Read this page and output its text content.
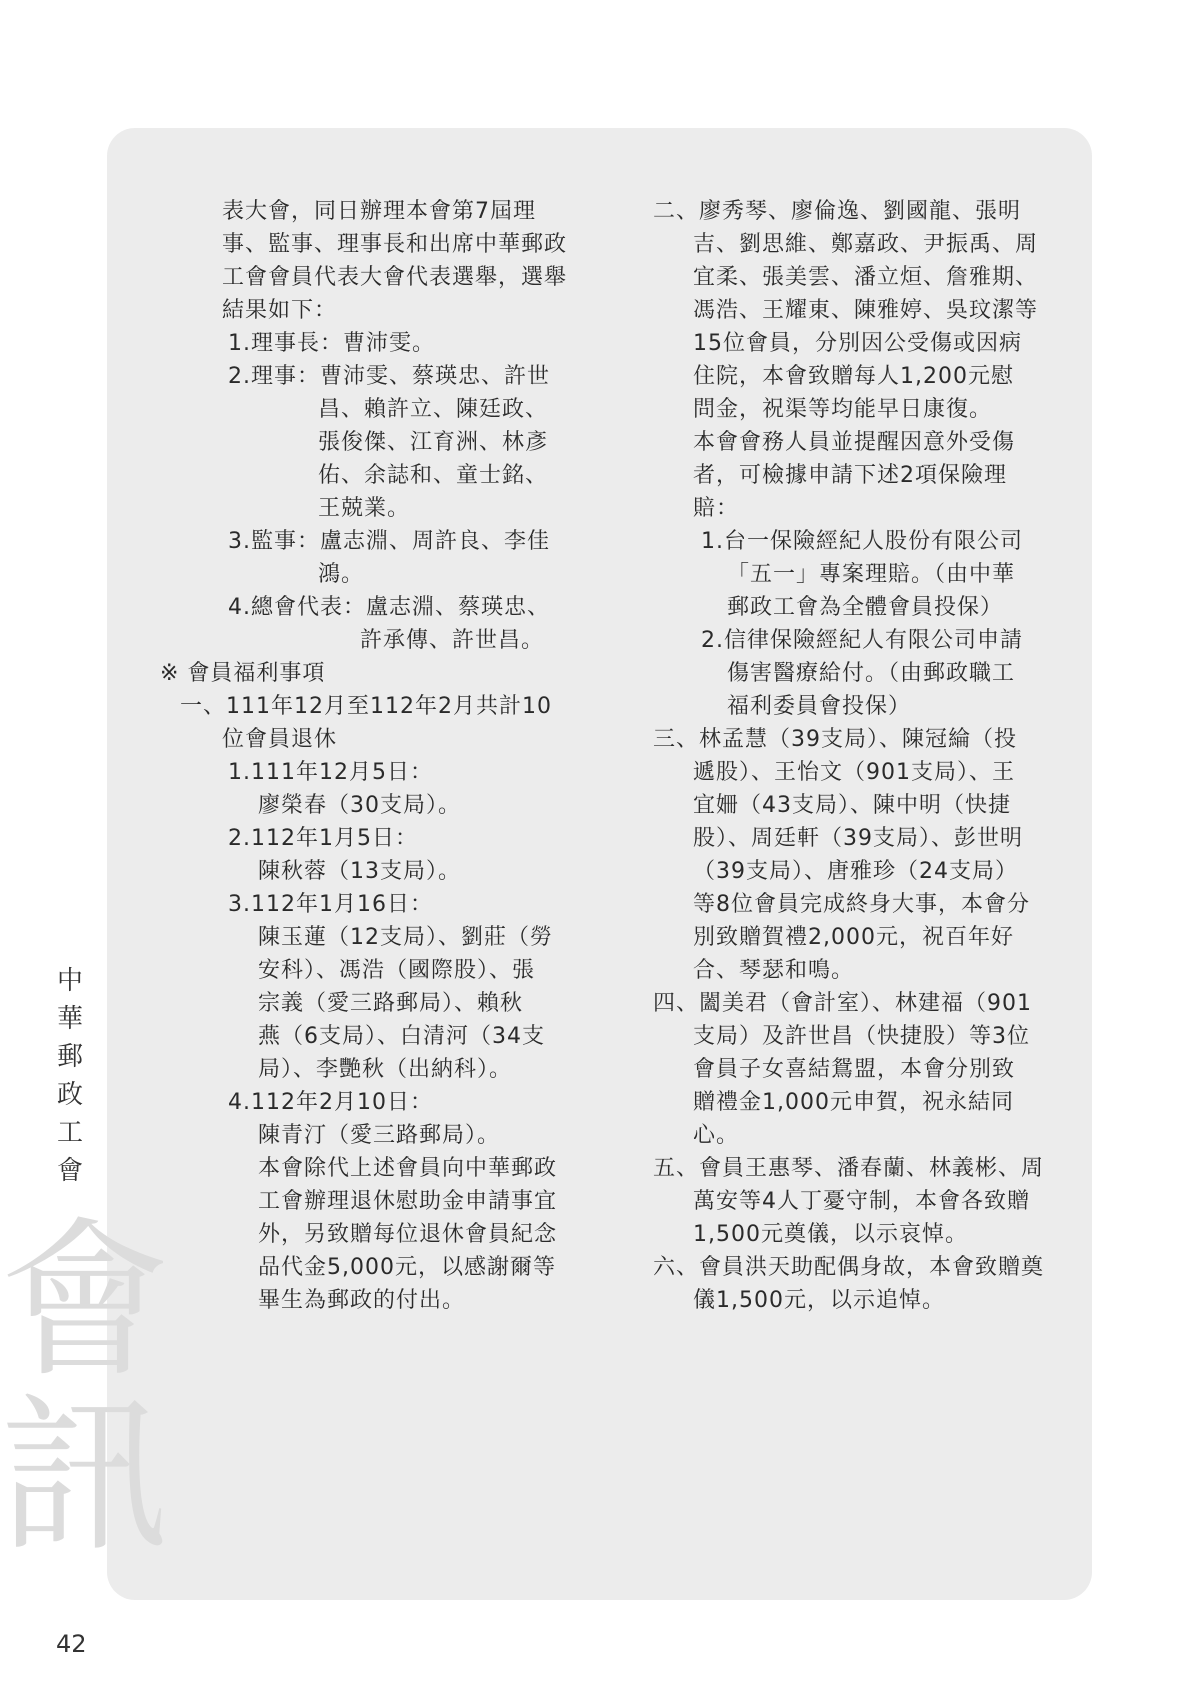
會
訊
中
華
郵
政
工
會
表大會，同日辦理本會第7屆理
事、監事、理事長和出席中華郵政
工會會員代表大會代表選舉，選舉
結果如下：
1.理事長：曹沛雯。
2.理事：曹沛雯、蔡瑛忠、許世
昌、賴許立、陳廷政、
張俊傑、江育洲、林彥
佑、余誌和、童士銘、
王兢業。
3.監事：盧志淵、周許良、李佳
鴻。
4.總會代表：盧志淵、蔡瑛忠、
許承傳、許世昌。
※ 會員福利事項
一、111年12月至112年2月共計10
位會員退休
1.111年12月5日：
廖榮春（30支局）。
2.112年1月5日：
陳秋蓉（13支局）。
3.112年1月16日：
陳玉蓮（12支局）、劉莊（勞
安科）、馮浩（國際股）、張
宗義（愛三路郵局）、賴秋
燕（6支局）、白清河（34支
局）、李艷秋（出納科）。
4.112年2月10日：
陳青汀（愛三路郵局）。
本會除代上述會員向中華郵政
工會辦理退休慰助金申請事宜
外，另致贈每位退休會員紀念
品代金5,000元，以感謝爾等
畢生為郵政的付出。
二、廖秀琴、廖倫逸、劉國龍、張明
吉、劉思維、鄭嘉政、尹振禹、周
宜柔、張美雲、潘立烜、詹雅期、
馮浩、王耀東、陳雅婷、吳玟潔等
15位會員，分別因公受傷或因病
住院，本會致贈每人1,200元慰
問金，祝渠等均能早日康復。
本會會務人員並提醒因意外受傷
者，可檢據申請下述2項保險理
賠：
1.台一保險經紀人股份有限公司
「五一」專案理賠。（由中華
郵政工會為全體會員投保）
2.信律保險經紀人有限公司申請
傷害醫療給付。（由郵政職工
福利委員會投保）
三、林孟慧（39支局）、陳冠綸（投
遞股）、王怡文（901支局）、王
宜姍（43支局）、陳中明（快捷
股）、周廷軒（39支局）、彭世明
（39支局）、唐雅珍（24支局）
等8位會員完成終身大事，本會分
別致贈賀禮2,000元，祝百年好
合、琴瑟和鳴。
四、闔美君（會計室）、林建福（901
支局）及許世昌（快捷股）等3位
會員子女喜結鴛盟，本會分別致
贈禮金1,000元申賀，祝永結同
心。
五、會員王惠琴、潘春蘭、林義彬、周
萬安等4人丁憂守制，本會各致贈
1,500元奠儀，以示哀悼。
六、會員洪天助配偶身故，本會致贈奠
儀1,500元，以示追悼。
42
